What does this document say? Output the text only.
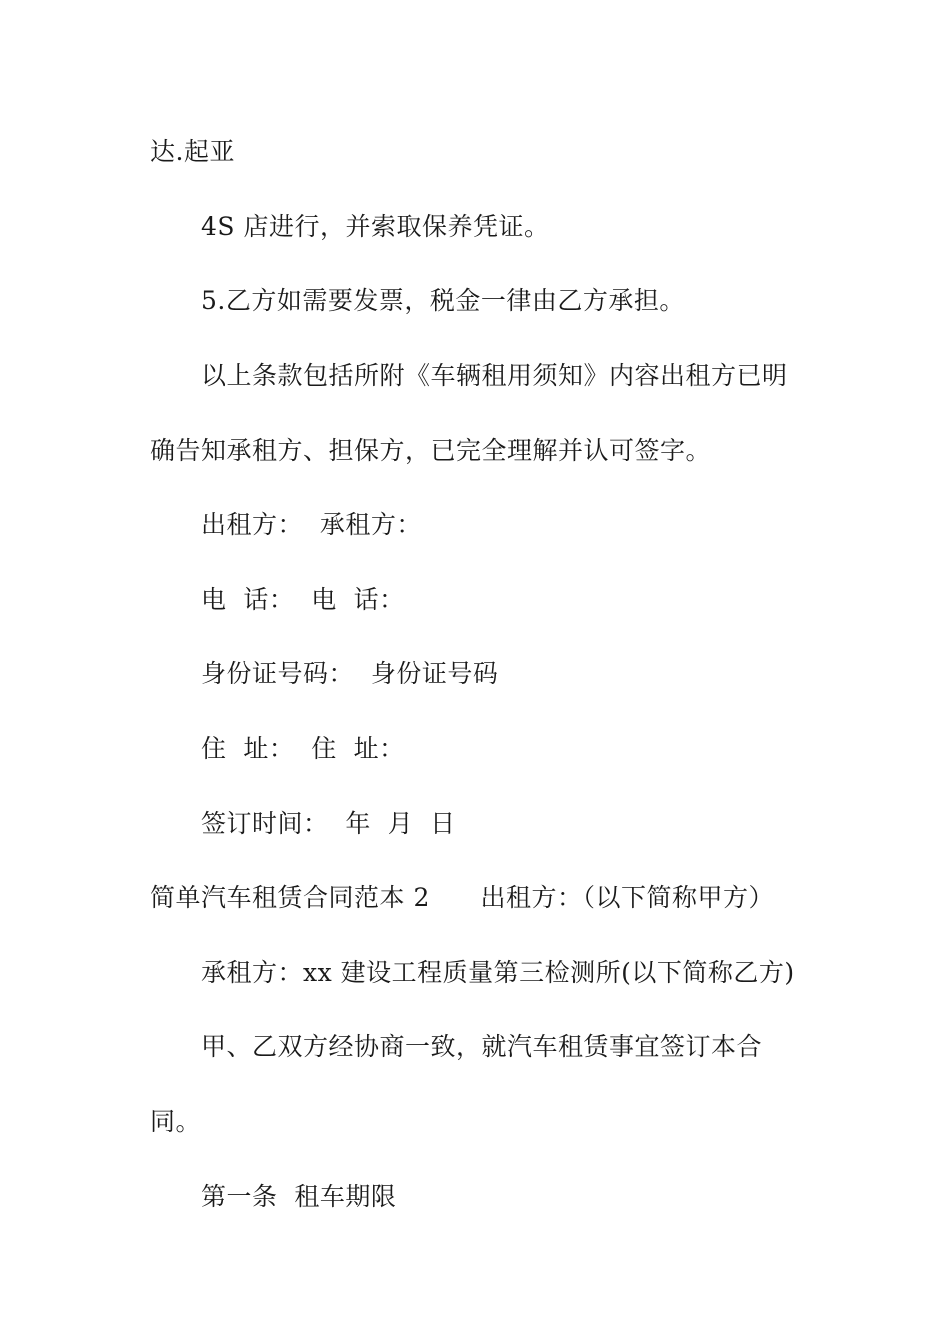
达.起亚
4S 店进行，并索取保养凭证。
5.乙方如需要发票，税金一律由乙方承担。
以上条款包括所附《车辆租用须知》内容出租方已明
确告知承租方、担保方，已完全理解并认可签字。
出租方：  承租方：
电  话：  电  话：
身份证号码：  身份证号码
住  址：  住  址：
签订时间：  年  月  日
简单汽车租赁合同范本 2      出租方：（以下简称甲方）
承租方：xx 建设工程质量第三检测所(以下简称乙方)
甲、乙双方经协商一致，就汽车租赁事宜签订本合
同。
第一条  租车期限
